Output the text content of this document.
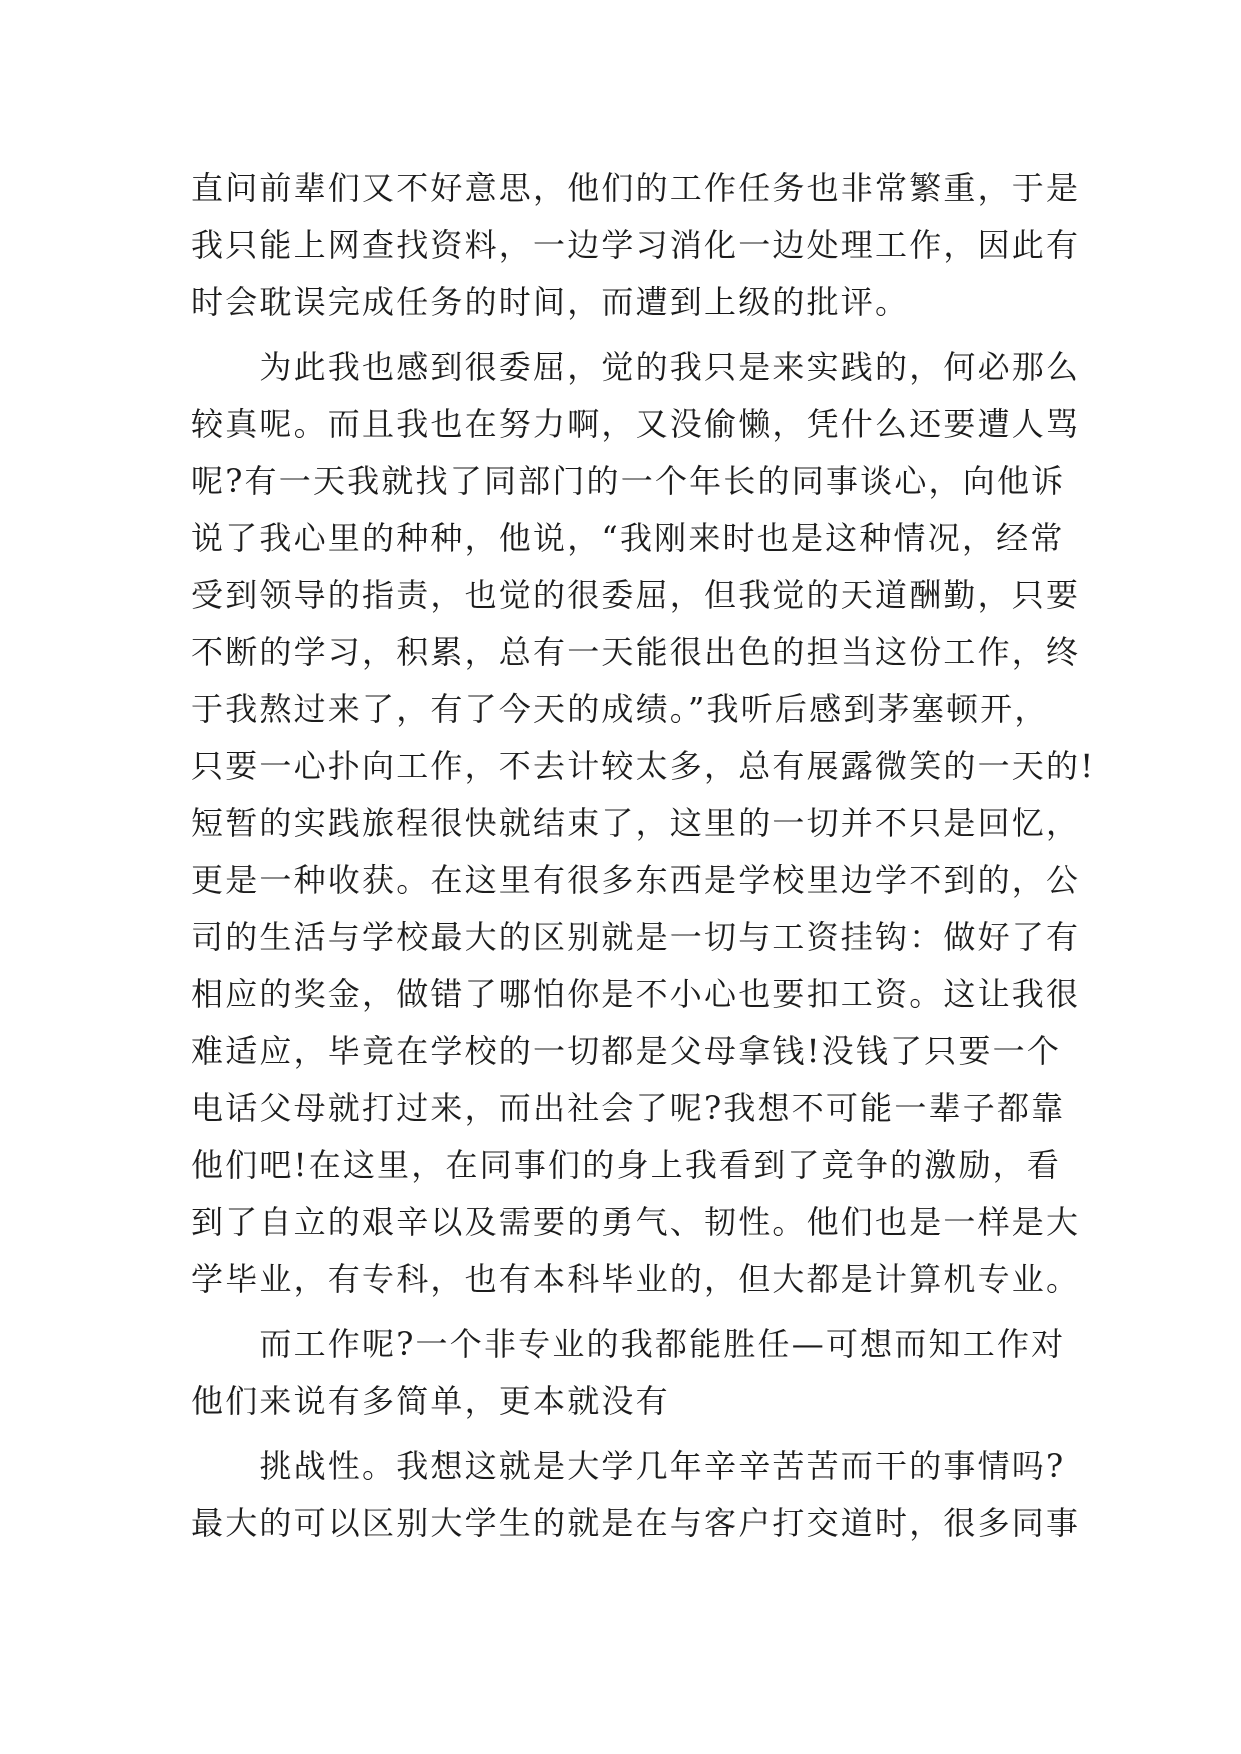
直问前辈们又不好意思，他们的工作任务也非常繁重，于是
我只能上网查找资料，一边学习消化一边处理工作，因此有
时会耽误完成任务的时间，而遭到上级的批评。
　　为此我也感到很委屈，觉的我只是来实践的，何必那么
较真呢。而且我也在努力啊，又没偷懒，凭什么还要遭人骂
呢?有一天我就找了同部门的一个年长的同事谈心，向他诉
说了我心里的种种，他说，“我刚来时也是这种情况，经常
受到领导的指责，也觉的很委屈，但我觉的天道酬勤，只要
不断的学习，积累，总有一天能很出色的担当这份工作，终
于我熬过来了，有了今天的成绩。”我听后感到茅塞顿开，
只要一心扑向工作，不去计较太多，总有展露微笑的一天的!
短暂的实践旅程很快就结束了，这里的一切并不只是回忆，
更是一种收获。在这里有很多东西是学校里边学不到的，公
司的生活与学校最大的区别就是一切与工资挂钩：做好了有
相应的奖金，做错了哪怕你是不小心也要扣工资。这让我很
难适应，毕竟在学校的一切都是父母拿钱!没钱了只要一个
电话父母就打过来，而出社会了呢?我想不可能一辈子都靠
他们吧!在这里，在同事们的身上我看到了竞争的激励，看
到了自立的艰辛以及需要的勇气、韧性。他们也是一样是大
学毕业，有专科，也有本科毕业的，但大都是计算机专业。
　　而工作呢?一个非专业的我都能胜任—可想而知工作对
他们来说有多简单，更本就没有
　　挑战性。我想这就是大学几年辛辛苦苦而干的事情吗?
最大的可以区别大学生的就是在与客户打交道时，很多同事
